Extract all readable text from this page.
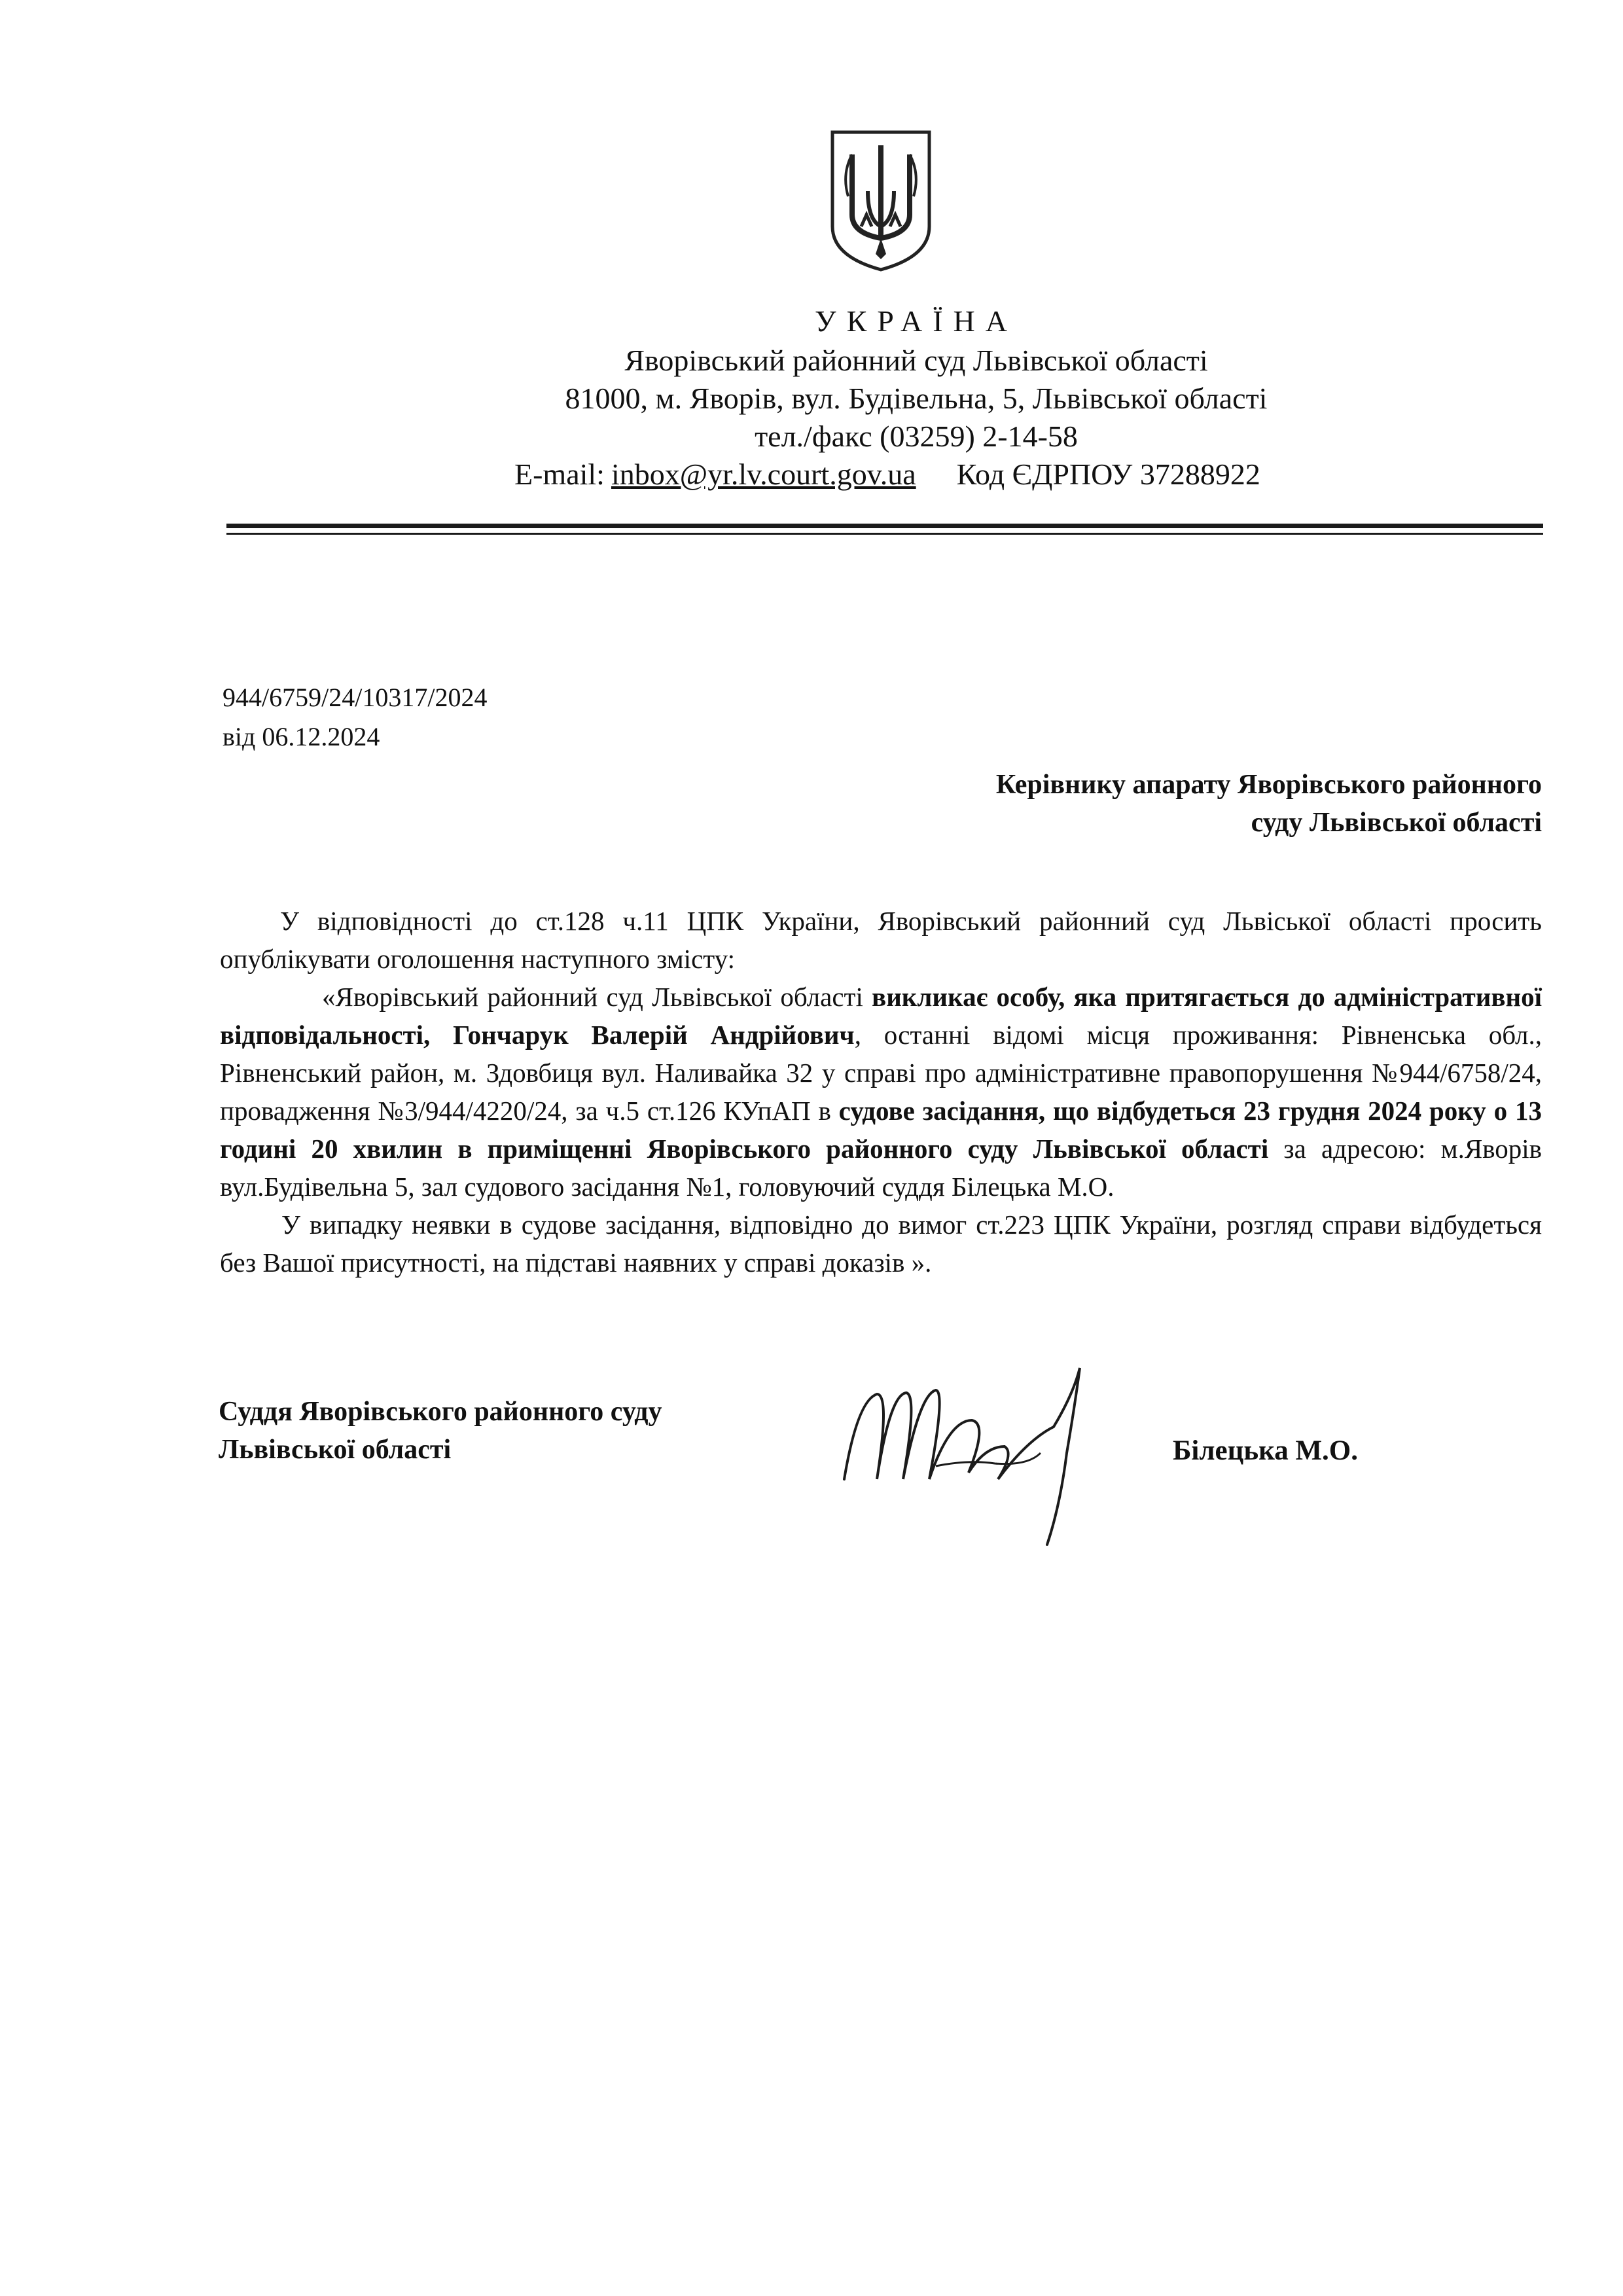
УКРАЇНА
Яворівський районний суд Львівської області
81000, м. Яворів, вул. Будівельна, 5, Львівської області
тел./факс (03259) 2-14-58
E-mail: inbox@yr.lv.court.gov.ua Код ЄДРПОУ 37288922
944/6759/24/10317/2024
від 06.12.2024
Керівнику апарату Яворівського районного
суду Львівської області

У відповідності до ст.128 ч.11 ЦПК України, Яворівський районний суд Львіської області просить опублікувати оголошення наступного змісту:

«Яворівський районний суд Львівської області викликає особу, яка притягається до адміністративної відповідальності, Гончарук Валерій Андрійович, останні відомі місця проживання: Рівненська обл., Рівненський район, м. Здовбиця вул. Наливайка 32 у справі про адміністративне правопорушення №944/6758/24, провадження №3/944/4220/24, за ч.5 ст.126 КУпАП в судове засідання, що відбудеться 23 грудня 2024 року о 13 годині 20 хвилин в приміщенні Яворівського районного суду Львівської області за адресою: м.Яворів вул.Будівельна 5, зал судового засідання №1, головуючий суддя Білецька М.О.

У випадку неявки в судове засідання, відповідно до вимог ст.223 ЦПК України, розгляд справи відбудеться без Вашої присутності, на підставі наявних у справі доказів ».

Суддя Яворівського районного суду
Львівської області	Білецька М.О.
